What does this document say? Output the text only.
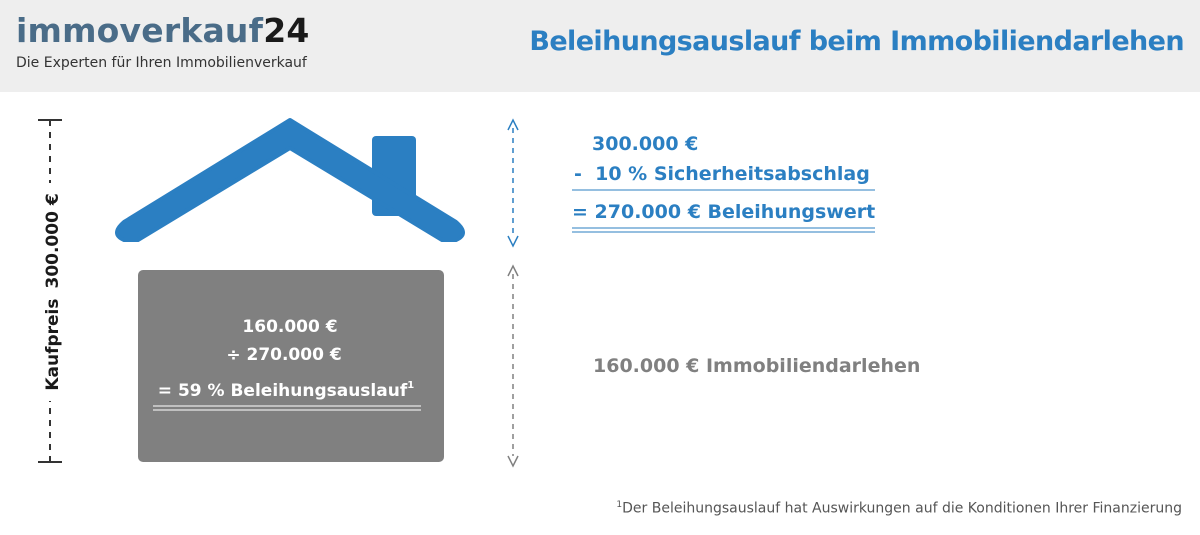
immoverkauf24
Die Experten für Ihren Immobilienverkauf
Beleihungsauslauf beim Immobiliendarlehen
Kaufpreis300.000 €
160.000 €
÷ 270.000 €
= 59 % Beleihungsauslauf$^1$
300.000 €
-  10 % Sicherheitsabschlag
= 270.000 € Beleihungswert
160.000 € Immobiliendarlehen
$^1$Der Beleihungsauslauf hat Auswirkungen auf die Konditionen Ihrer Finanzierung
